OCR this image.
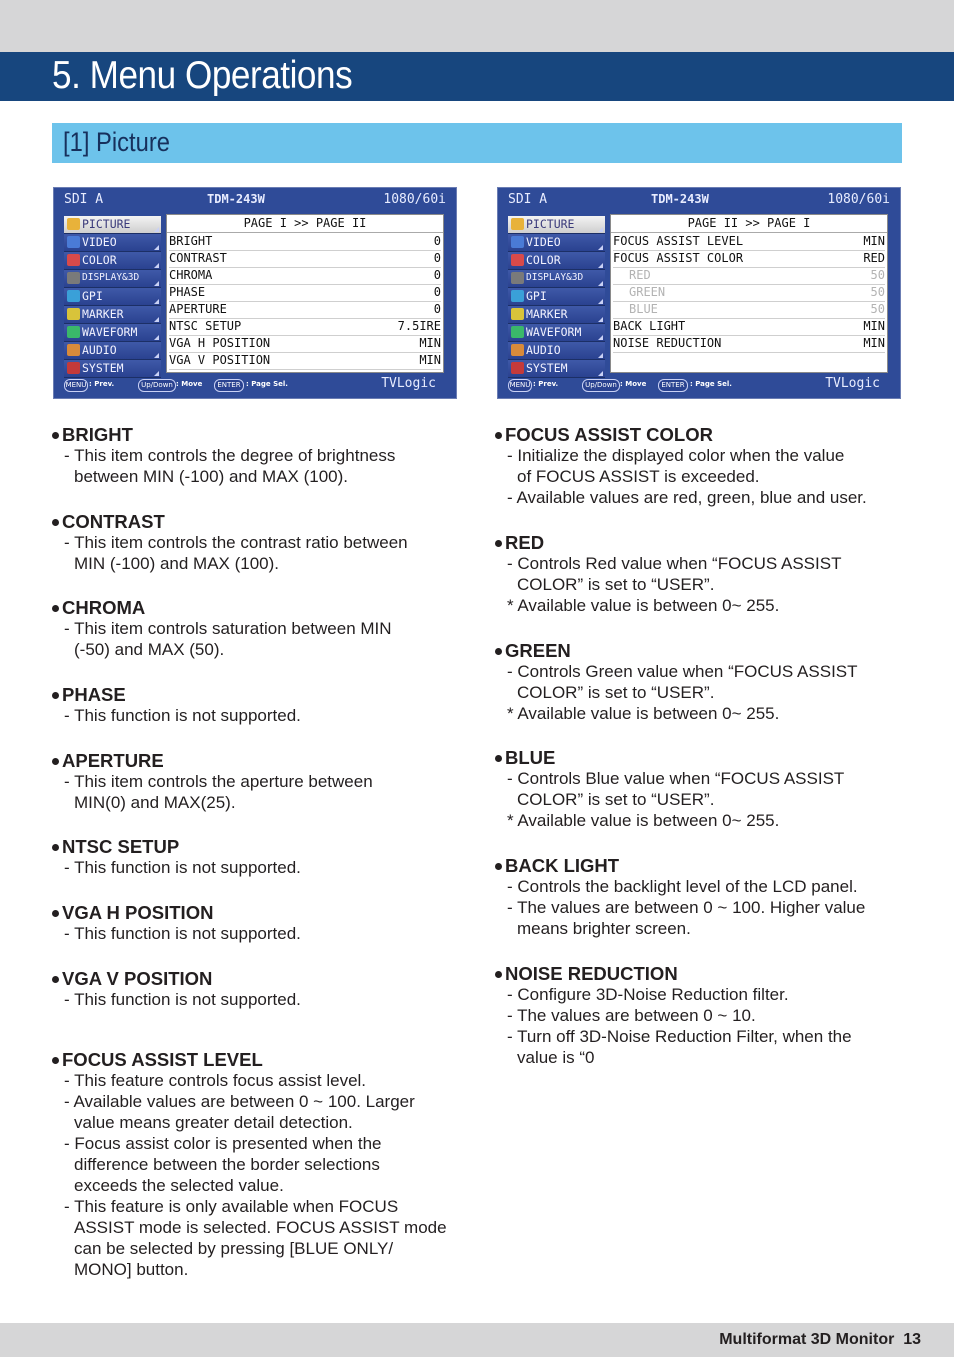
5. Menu Operations
[1] Picture
SDI A	TDM-243W	1080/60i
PICTURE
VIDEO
COLOR
DISPLAY&3D
GPI
MARKER
WAVEFORM
AUDIO
SYSTEM
PAGE I >> PAGE II
BRIGHT	0
CONTRAST	0
CHROMA	0
PHASE	0
APERTURE	0
NTSC SETUP	7.5IRE
VGA H POSITION	MIN
VGA V POSITION	MIN
MENU : Prev.	Up/Down : Move	ENTER : Page Sel.	TVLogic
SDI A	TDM-243W	1080/60i
PICTURE
VIDEO
COLOR
DISPLAY&3D
GPI
MARKER
WAVEFORM
AUDIO
SYSTEM
PAGE II >> PAGE I
FOCUS ASSIST LEVEL	MIN
FOCUS ASSIST COLOR	RED
RED	50
GREEN	50
BLUE	50
BACK LIGHT	MIN
NOISE REDUCTION	MIN
MENU : Prev.	Up/Down : Move	ENTER : Page Sel.	TVLogic
BRIGHT
- This item controls the degree of brightness
between MIN (-100) and MAX (100).
CONTRAST
- This item controls the contrast ratio between
MIN (-100) and MAX (100).
CHROMA
- This item controls saturation between MIN
(-50) and MAX (50).
PHASE
- This function is not supported.
APERTURE
- This item controls the aperture between
MIN(0) and MAX(25).
NTSC SETUP
- This function is not supported.
VGA H POSITION
- This function is not supported.
VGA V POSITION
- This function is not supported.
FOCUS ASSIST LEVEL
- This feature controls focus assist level.
- Available values are between 0 ~ 100. Larger
value means greater detail detection.
- Focus assist color is presented when the
difference between the border selections
exceeds the selected value.
- This feature is only available when FOCUS
ASSIST mode is selected. FOCUS ASSIST mode
can be selected by pressing [BLUE ONLY/
MONO] button.
FOCUS ASSIST COLOR
- Initialize the displayed color when the value
of FOCUS ASSIST is exceeded.
- Available values are red, green, blue and user.
RED
- Controls Red value when “FOCUS ASSIST
COLOR” is set to “USER”.
* Available value is between 0~ 255.
GREEN
- Controls Green value when “FOCUS ASSIST
COLOR” is set to “USER”.
* Available value is between 0~ 255.
BLUE
- Controls Blue value when “FOCUS ASSIST
COLOR” is set to “USER”.
* Available value is between 0~ 255.
BACK LIGHT
- Controls the backlight level of the LCD panel.
- The values are between 0 ~ 100. Higher value
means brighter screen.
NOISE REDUCTION
- Configure 3D-Noise Reduction filter.
- The values are between 0 ~ 10.
- Turn off 3D-Noise Reduction Filter, when the
value is “0
Multiformat 3D Monitor 13
